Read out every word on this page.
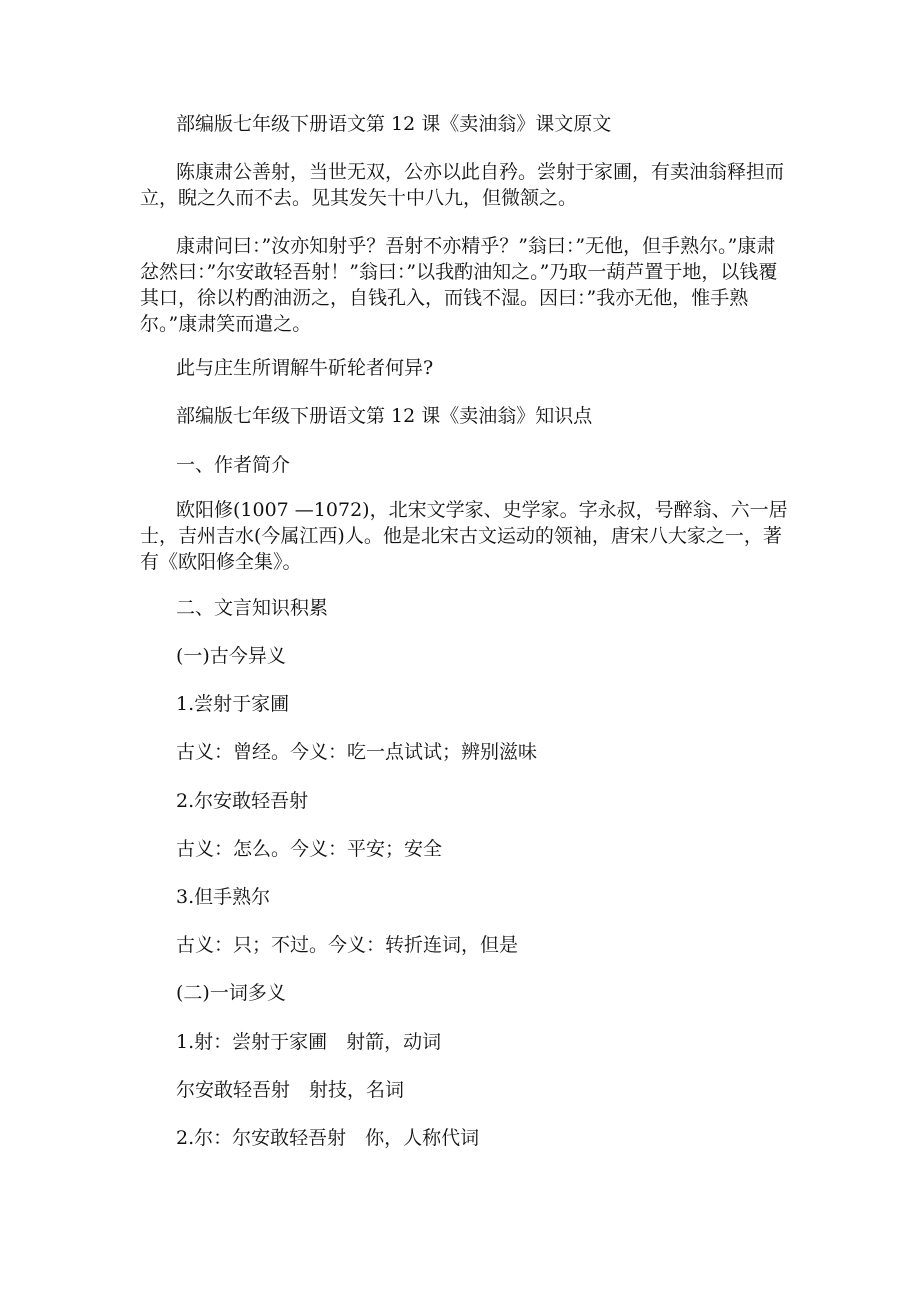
部编版七年级下册语文第 12 课《卖油翁》课文原文

陈康肃公善射，当世无双，公亦以此自矜。尝射于家圃，有卖油翁释担而立，睨之久而不去。见其发矢十中八九，但微颔之。

康肃问曰：”汝亦知射乎？吾射不亦精乎？”翁曰：”无他，但手熟尔。”康肃忿然曰：”尔安敢轻吾射！”翁曰：”以我酌油知之。”乃取一葫芦置于地，以钱覆其口，徐以杓酌油沥之，自钱孔入，而钱不湿。因曰：”我亦无他，惟手熟尔。”康肃笑而遣之。

此与庄生所谓解牛斫轮者何异?

部编版七年级下册语文第 12 课《卖油翁》知识点

一、作者简介

欧阳修(1007 —1072)，北宋文学家、史学家。字永叔，号醉翁、六一居士，吉州吉水(今属江西)人。他是北宋古文运动的领袖，唐宋八大家之一，著有《欧阳修全集》。

二、文言知识积累

(一)古今异义

1.尝射于家圃

古义：曾经。今义：吃一点试试；辨别滋味

2.尔安敢轻吾射

古义：怎么。今义：平安；安全

3.但手熟尔

古义：只；不过。今义：转折连词，但是

(二)一词多义

1.射：尝射于家圃　射箭，动词

尔安敢轻吾射　射技，名词

2.尔：尔安敢轻吾射　你，人称代词
